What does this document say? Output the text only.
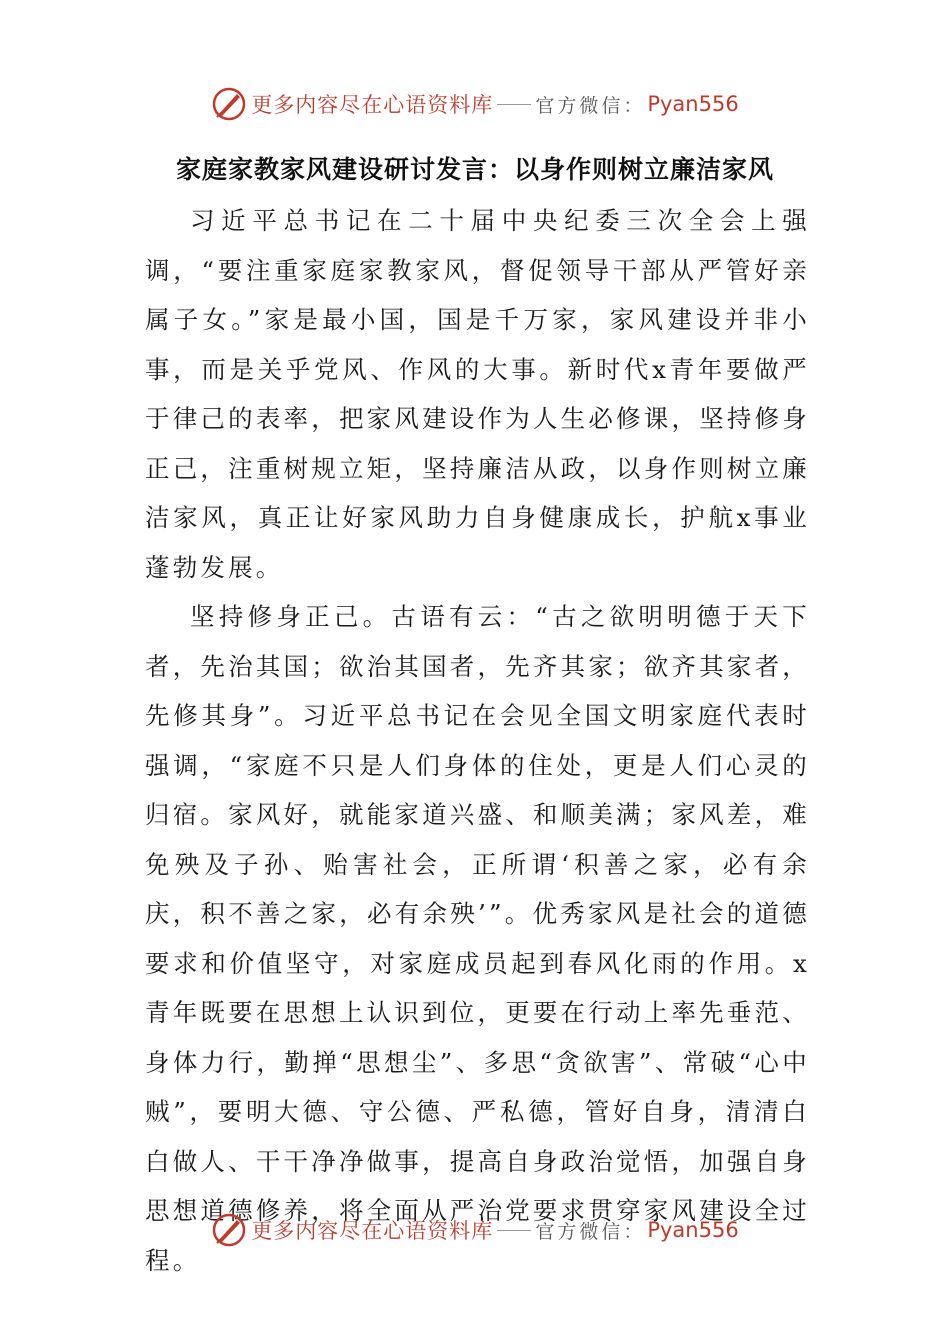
更多内容尽在心语资料库 官方微信： Pyan556
家庭家教家风建设研讨发言：以身作则树立廉洁家风

习近平总书记在二十届中央纪委三次全会上强调，“要注重家庭家教家风，督促领导干部从严管好亲属子女。”家是最小国，国是千万家，家风建设并非小事，而是关乎党风、作风的大事。新时代x青年要做严于律己的表率，把家风建设作为人生必修课，坚持修身正己，注重树规立矩，坚持廉洁从政，以身作则树立廉洁家风，真正让好家风助力自身健康成长，护航x事业蓬勃发展。

坚持修身正己。古语有云：“古之欲明明德于天下者，先治其国；欲治其国者，先齐其家；欲齐其家者，先修其身”。习近平总书记在会见全国文明家庭代表时强调，“家庭不只是人们身体的住处，更是人们心灵的归宿。家风好，就能家道兴盛、和顺美满；家风差，难免殃及子孙、贻害社会，正所谓‘积善之家，必有余庆，积不善之家，必有余殃’”。优秀家风是社会的道德要求和价值坚守，对家庭成员起到春风化雨的作用。x青年既要在思想上认识到位，更要在行动上率先垂范、身体力行，勤掸“思想尘”、多思“贪欲害”、常破“心中贼”，要明大德、守公德、严私德，管好自身，清清白白做人、干干净净做事，提高自身政治觉悟，加强自身思想道德修养，将全面从严治党要求贯穿家风建设全过程。

更多内容尽在心语资料库 官方微信： Pyan556
